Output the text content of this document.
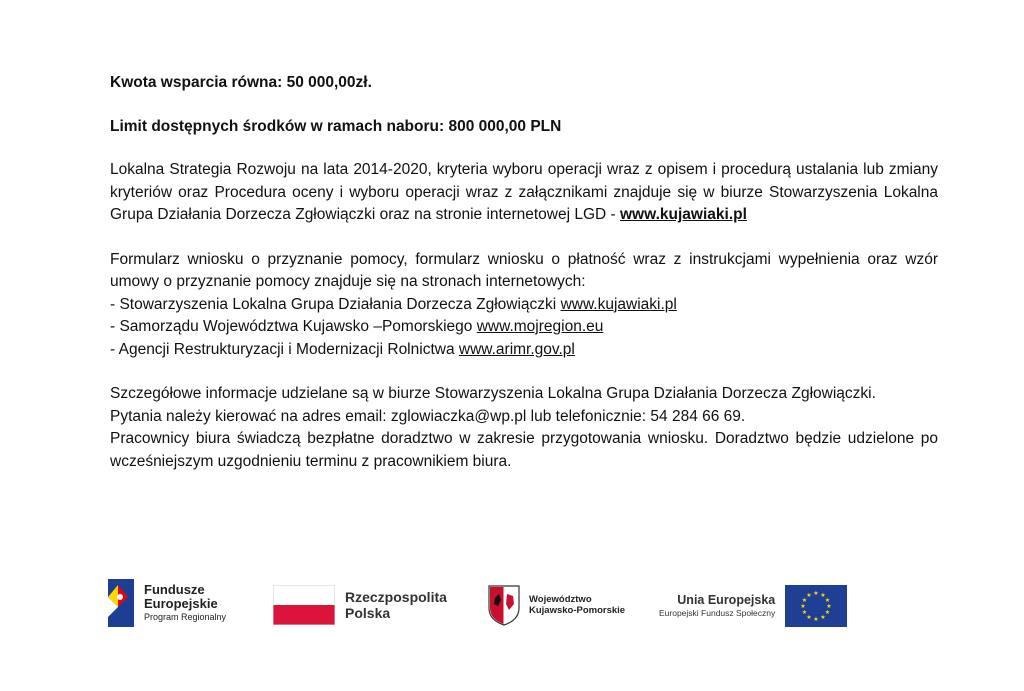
Kwota wsparcia równa: 50 000,00zł.

Limit dostępnych środków w ramach naboru: 800 000,00 PLN

Lokalna Strategia Rozwoju na lata 2014-2020, kryteria wyboru operacji wraz z opisem i procedurą ustalania lub zmiany kryteriów oraz Procedura oceny i wyboru operacji wraz z załącznikami znajduje się w biurze Stowarzyszenia Lokalna Grupa Działania Dorzecza Zgłowiączki oraz na stronie internetowej LGD - www.kujawiaki.pl

Formularz wniosku o przyznanie pomocy, formularz wniosku o płatność wraz z instrukcjami wypełnienia oraz wzór umowy o przyznanie pomocy znajduje się na stronach internetowych:

- Stowarzyszenia Lokalna Grupa Działania Dorzecza Zgłowiączki www.kujawiaki.pl

- Samorządu Województwa Kujawsko –Pomorskiego www.mojregion.eu

- Agencji Restrukturyzacji i Modernizacji Rolnictwa www.arimr.gov.pl

Szczegółowe informacje udzielane są w biurze Stowarzyszenia Lokalna Grupa Działania Dorzecza Zgłowiączki.

Pytania należy kierować na adres email: zglowiaczka@wp.pl lub telefonicznie: 54 284 66 69.

Pracownicy biura świadczą bezpłatne doradztwo w zakresie przygotowania wniosku. Doradztwo będzie udzielone po wcześniejszym uzgodnieniu terminu z pracownikiem biura.

Fundusze
Europejskie
Program Regionalny
Rzeczpospolita
Polska
Województwo
Kujawsko-Pomorskie
Unia Europejska
Europejski Fundusz Społeczny
★ ★
★
★
★
★
★
★
★
★
★
★
